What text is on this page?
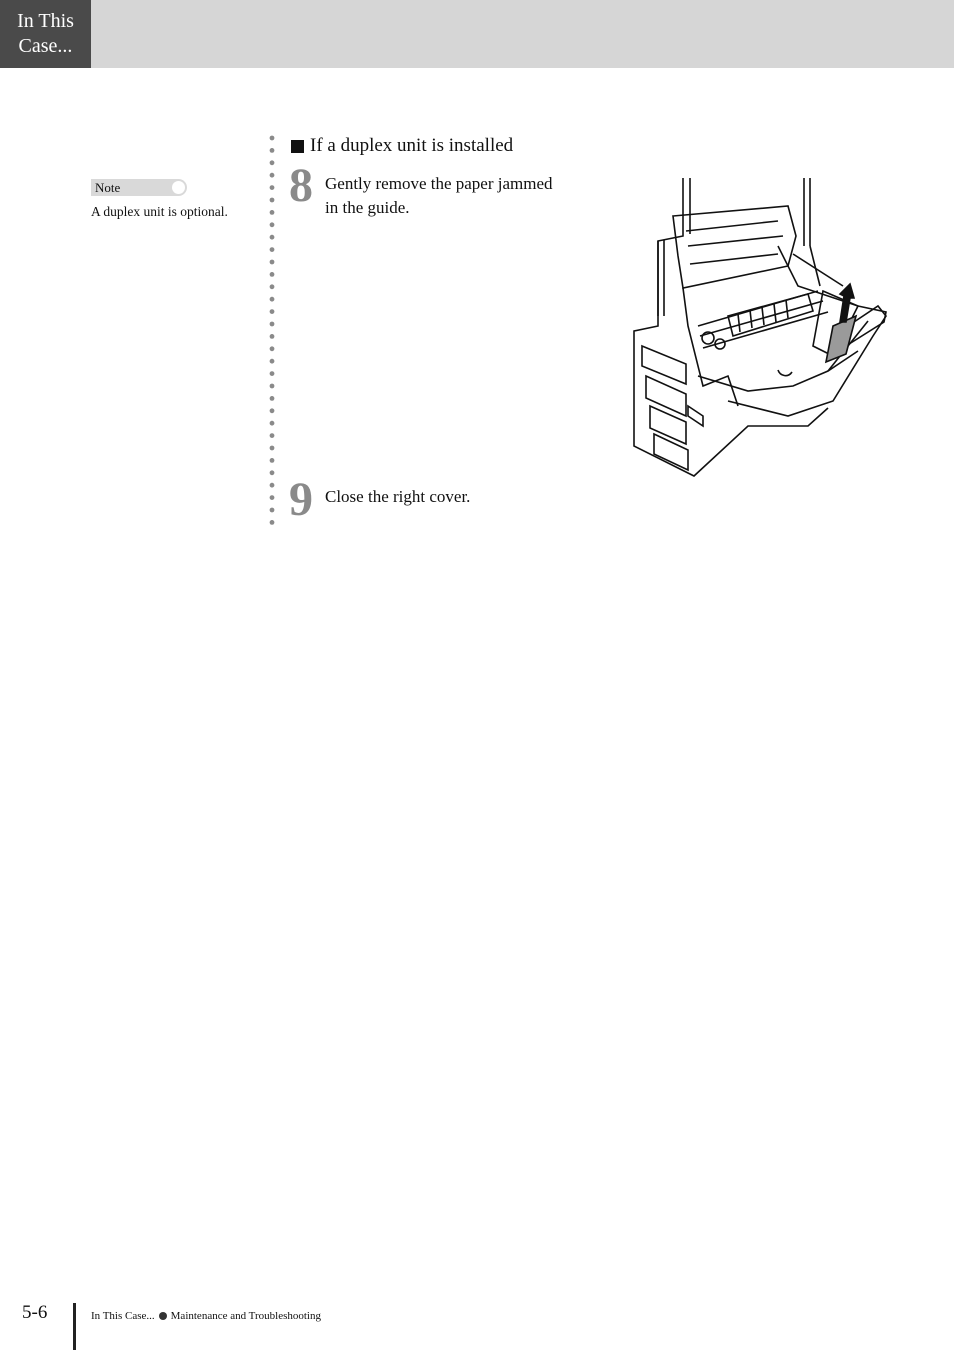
In This
Case...
Note
A duplex unit is optional.
If a duplex unit is installed
8 Gently remove the paper jammed
in the guide.
9 Close the right cover.
5-6	In This Case... Maintenance and Troubleshooting
